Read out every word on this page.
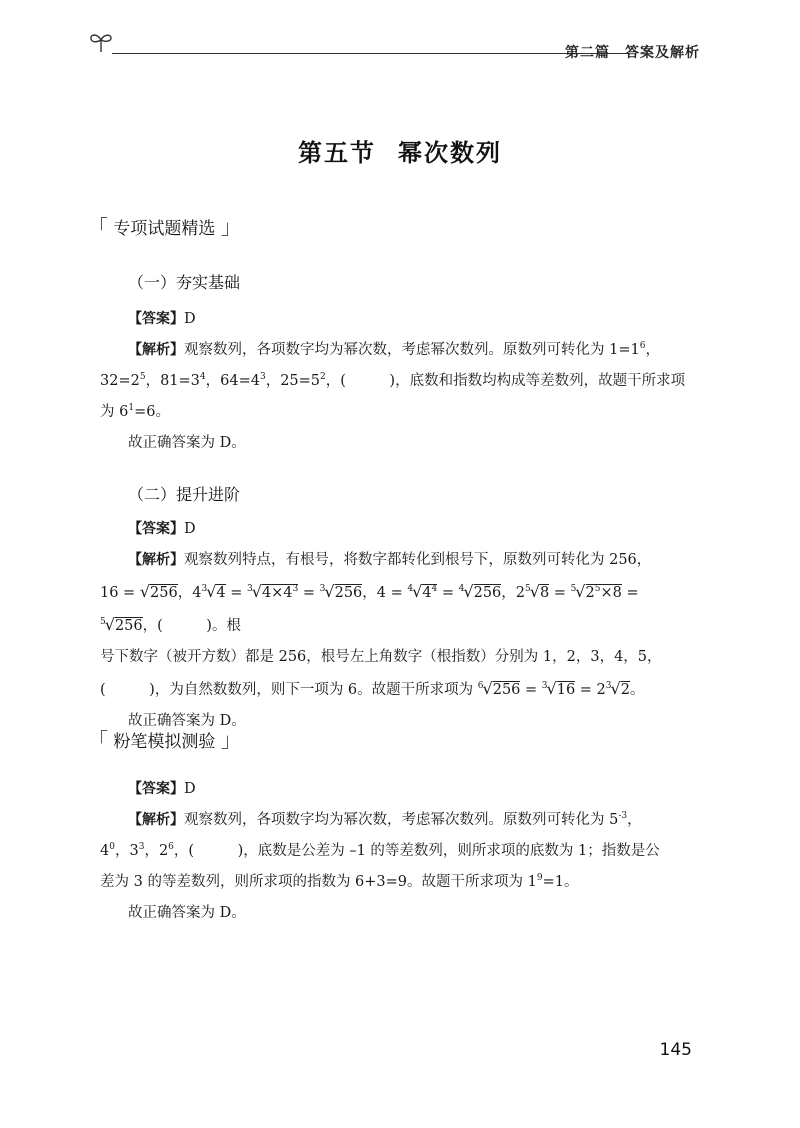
第二篇　答案及解析
第五节 幂次数列
「 专项试题精选 」
（一）夯实基础

【答案】D

【解析】观察数列，各项数字均为幂次数，考虑幂次数列。原数列可转化为 $1=1^6$，

$32=2^5$，$81=3^4$，$64=4^3$，$25=5^2$，(　　　)，底数和指数均构成等差数列，故题干所求项

为 $6^1=6$。

故正确答案为 D。

（二）提升进阶

【答案】D

【解析】观察数列特点，有根号，将数字都转化到根号下，原数列可转化为 256，

16 = √256，$4^3√4 = ^3√4\times 4^3 = ^3√256$，$4 = ^4√4^4 = ^4√256$，$2^5√8 = ^5√2^5\times 8 = ^5√256$，(　　　)。根

号下数字（被开方数）都是 256，根号左上角数字（根指数）分别为 1，2，3，4，5，

(　　　)，为自然数数列，则下一项为 6。故题干所求项为 $^6√256 = ^3√16 = 2^3√2$。

故正确答案为 D。

「 粉笔模拟测验 」

【答案】D

【解析】观察数列，各项数字均为幂次数，考虑幂次数列。原数列可转化为 $5^{-3}$，

$4^0$，$3^3$，$2^6$，(　　　)，底数是公差为 –1 的等差数列，则所求项的底数为 1；指数是公

差为 3 的等差数列，则所求项的指数为 6+3=9。故题干所求项为 $1^9=1$。

故正确答案为 D。

145
